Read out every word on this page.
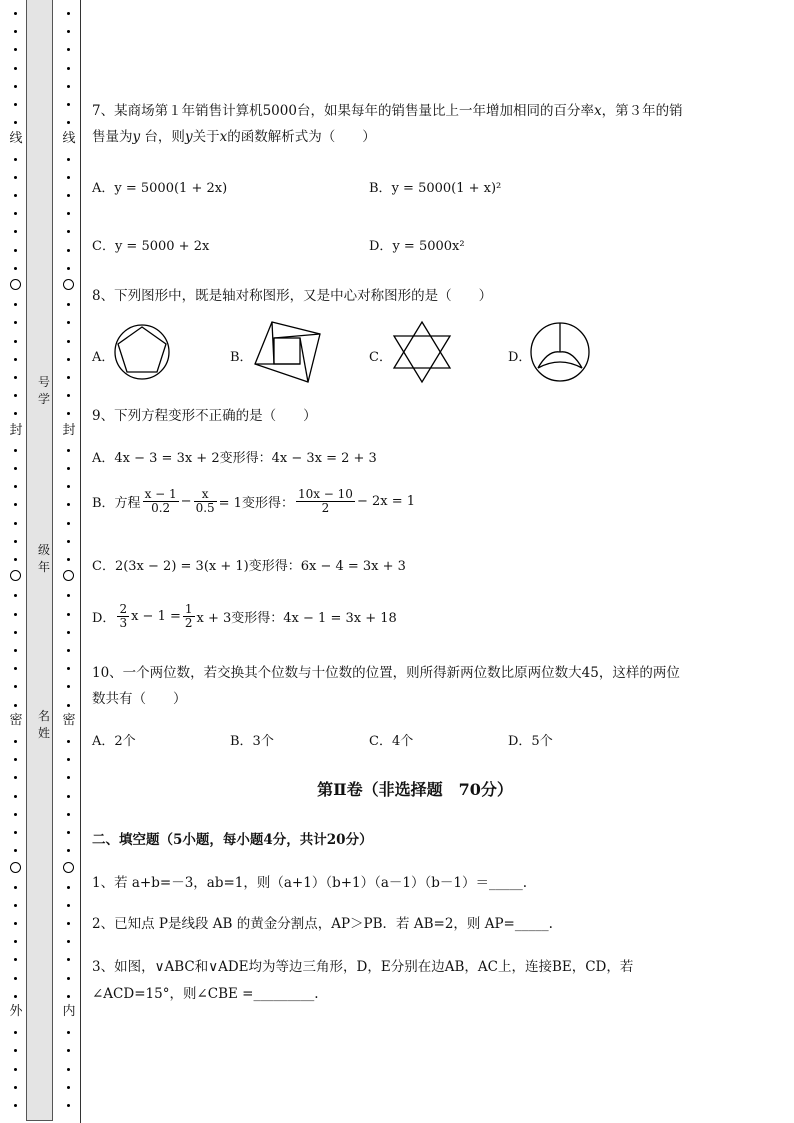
线
封
密
外
线
封
密
内
号学
级年
名姓
7、某商场第１年销售计算机5000台，如果每年的销售量比上一年增加相同的百分率x，第３年的销
售量为y 台，则y关于x的函数解析式为（　　）
A．y = 5000(1 + 2x)	B．y = 5000(1 + x)²
C．y = 5000 + 2x	D．y = 5000x²
8、下列图形中，既是轴对称图形，又是中心对称图形的是（　　）
A．	B．	C．	D．
9、下列方程变形不正确的是（　　）
A．4x − 3 = 3x + 2变形得：4x − 3x = 2 + 3
B．方程 $\frac{x - 1}{0.2} - \frac{x}{0.5} = 1$变形得： $\frac{10x - 10}{2} - 2x = 1$
C．2(3x − 2) = 3(x + 1)变形得：6x − 4 = 3x + 3
D． $\frac{2}{3}$ $x - 1 = \frac{1}{2}$ x + 3变形得：4x − 1 = 3x + 18
10、一个两位数，若交换其个位数与十位数的位置，则所得新两位数比原两位数大45，这样的两位
数共有（　　）
A．2个	B．3个	C．4个	D．5个
第Ⅱ卷（非选择题　70分）
二、填空题（5小题，每小题4分，共计20分）
1、若 a+b=－3，ab=1，则（a+1）（b+1）（a－1）（b－1）＝_____.
2、已知点 P是线段 AB 的黄金分割点，AP＞PB．若 AB=2，则 AP=_____.
3、如图，∨ABC和∨ADE均为等边三角形，D，E分别在边AB，AC上，连接BE，CD，若
∠ACD=15°，则∠CBE =_________.
